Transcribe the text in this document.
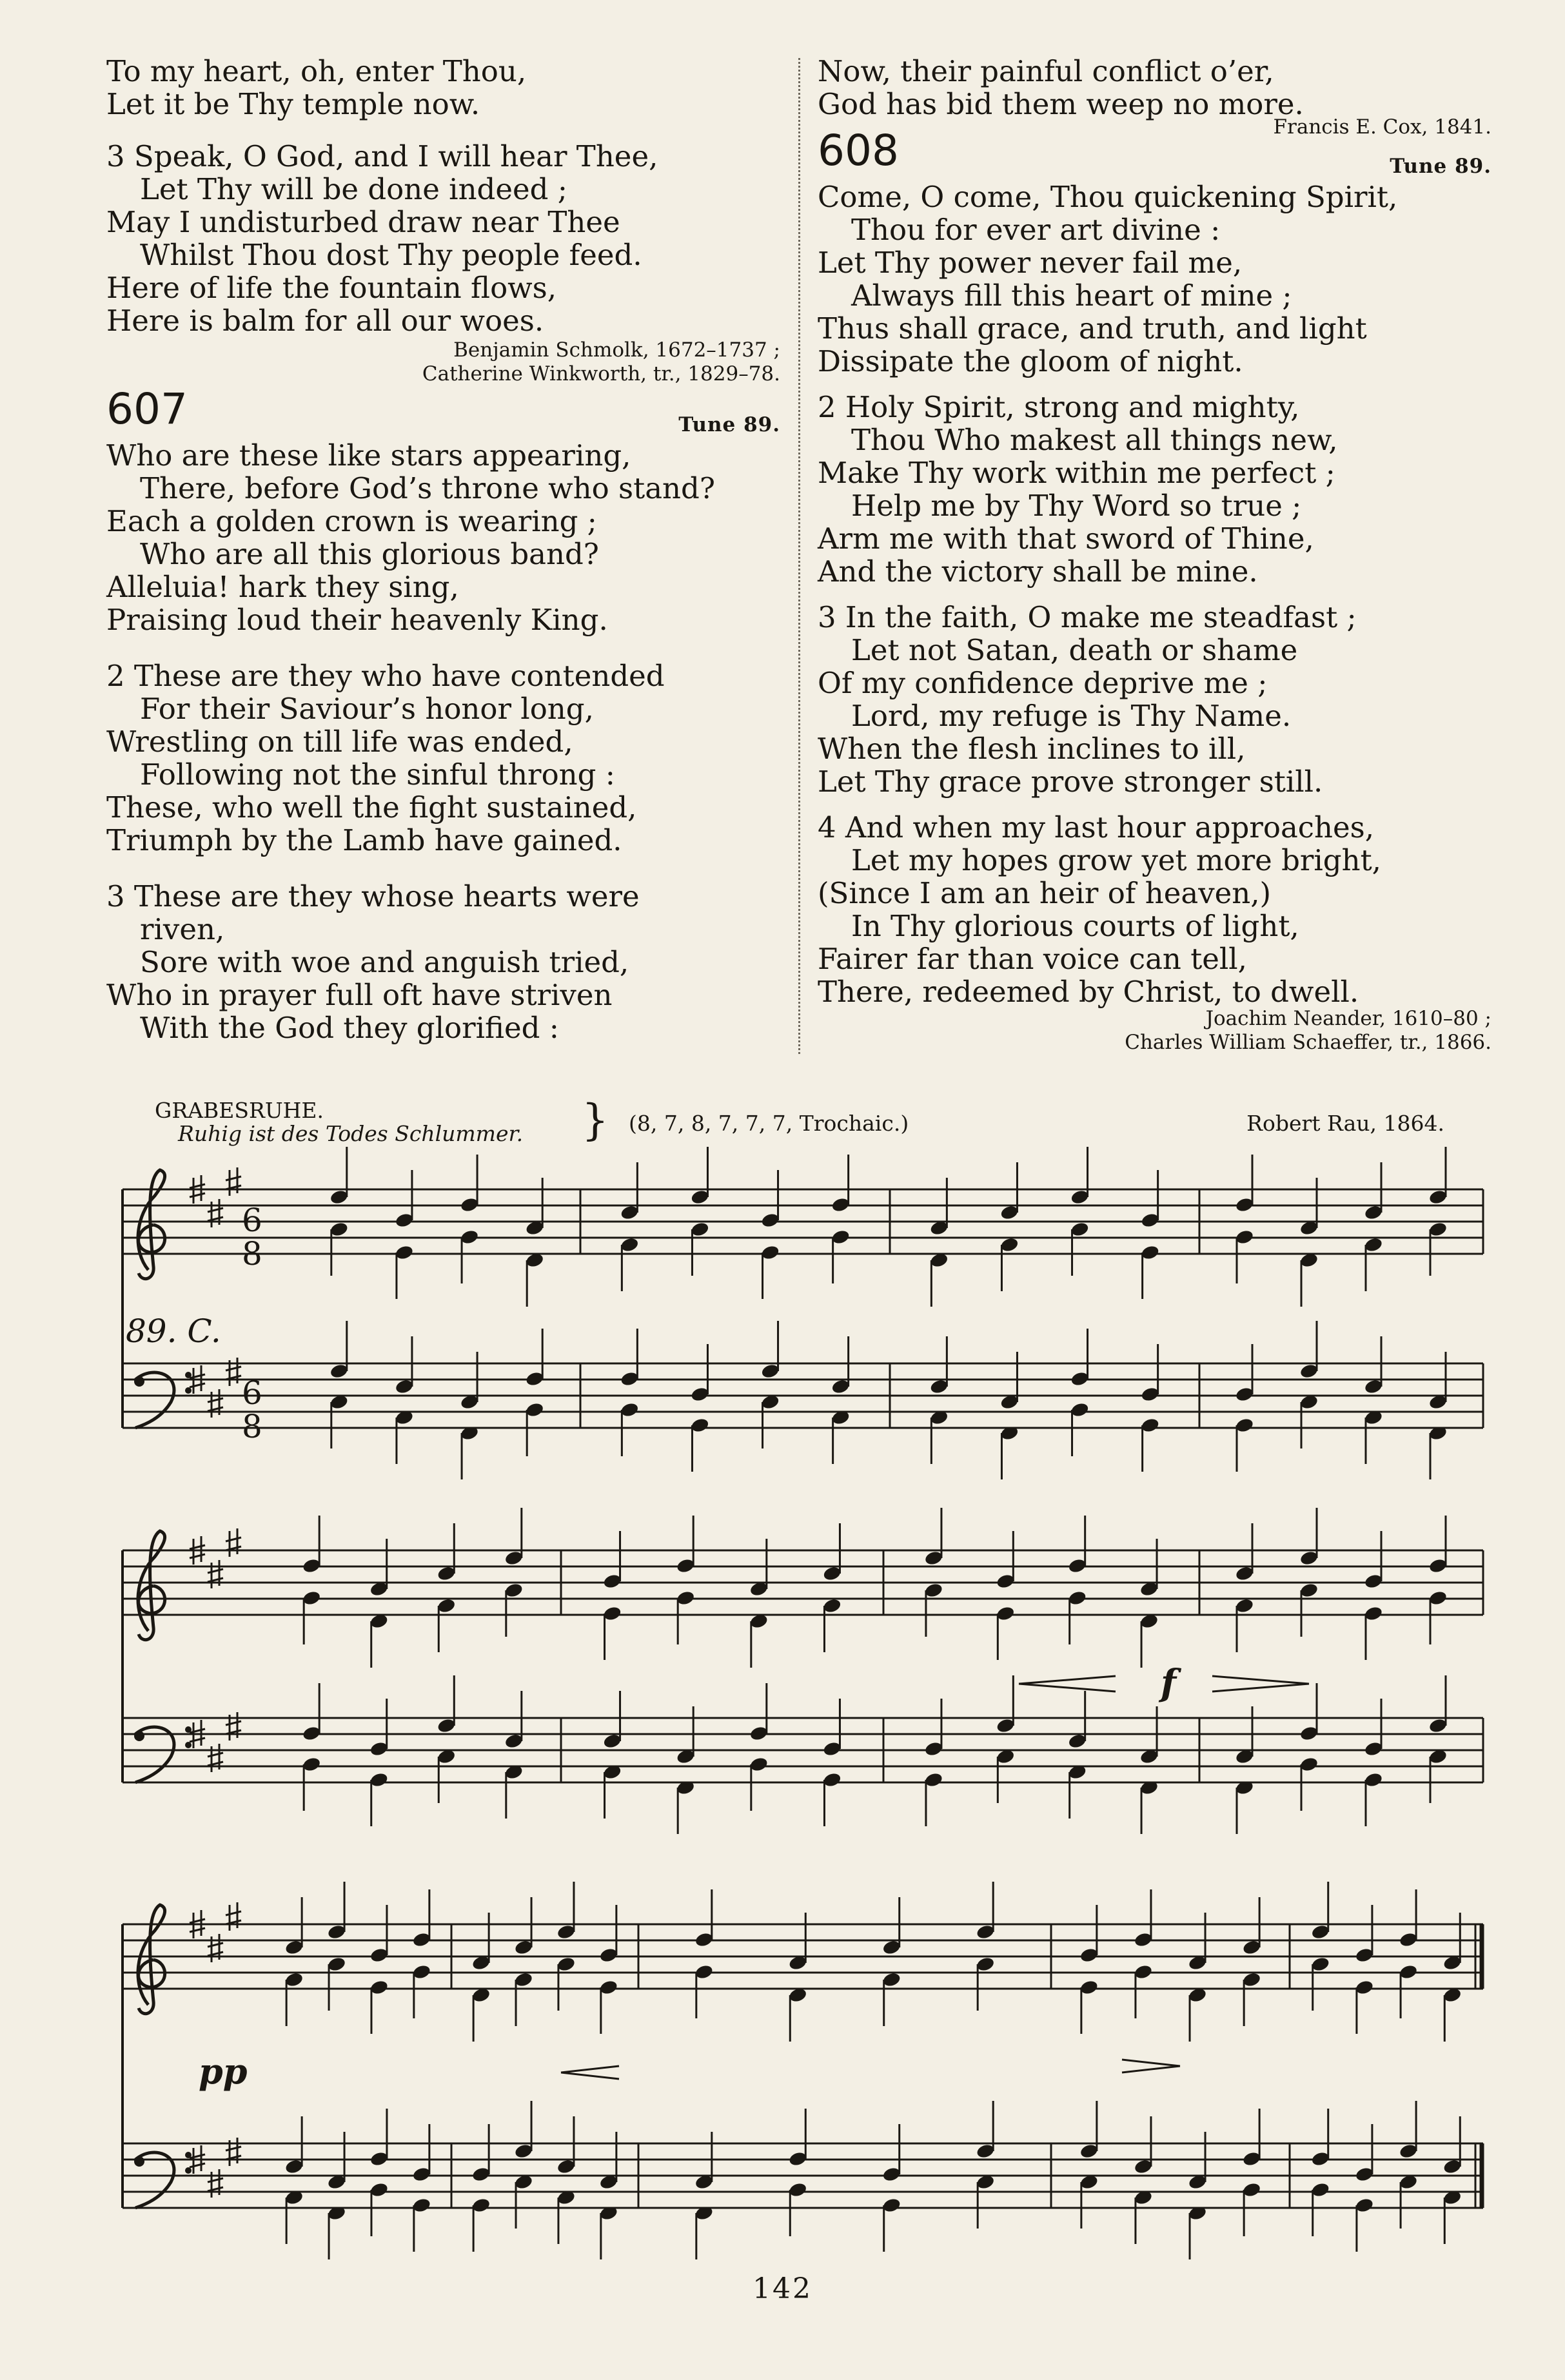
To my heart, oh, enter Thou,
Let it be Thy temple now.
3 Speak, O God, and I will hear Thee,
Let Thy will be done indeed ;
May I undisturbed draw near Thee
Whilst Thou dost Thy people feed.
Here of life the fountain flows,
Here is balm for all our woes.
Benjamin Schmolk, 1672–1737 ;
Catherine Winkworth, tr., 1829–78.
607	Tune 89.
Who are these like stars appearing,
There, before God’s throne who stand?
Each a golden crown is wearing ;
Who are all this glorious band?
Alleluia! hark they sing,
Praising loud their heavenly King.
2 These are they who have contended
For their Saviour’s honor long,
Wrestling on till life was ended,
Following not the sinful throng :
These, who well the fight sustained,
Triumph by the Lamb have gained.
3 These are they whose hearts were
riven,
Sore with woe and anguish tried,
Who in prayer full oft have striven
With the God they glorified :
Now, their painful conflict o’er,
God has bid them weep no more.
Francis E. Cox, 1841.
608	Tune 89.
Come, O come, Thou quickening Spirit,
Thou for ever art divine :
Let Thy power never fail me,
Always fill this heart of mine ;
Thus shall grace, and truth, and light
Dissipate the gloom of night.
2 Holy Spirit, strong and mighty,
Thou Who makest all things new,
Make Thy work within me perfect ;
Help me by Thy Word so true ;
Arm me with that sword of Thine,
And the victory shall be mine.
3 In the faith, O make me steadfast ;
Let not Satan, death or shame
Of my confidence deprive me ;
Lord, my refuge is Thy Name.
When the flesh inclines to ill,
Let Thy grace prove stronger still.
4 And when my last hour approaches,
Let my hopes grow yet more bright,
(Since I am an heir of heaven,)
In Thy glorious courts of light,
Fairer far than voice can tell,
There, redeemed by Christ, to dwell.
Joachim Neander, 1610–80 ;
Charles William Schaeffer, tr., 1866.
GRABESRUHE.
Ruhig ist des Todes Schlummer. } (8, 7, 8, 7, 7, 7, Trochaic.)	Robert Rau, 1864.
89. C.
6
8
6
8
f
pp
142
